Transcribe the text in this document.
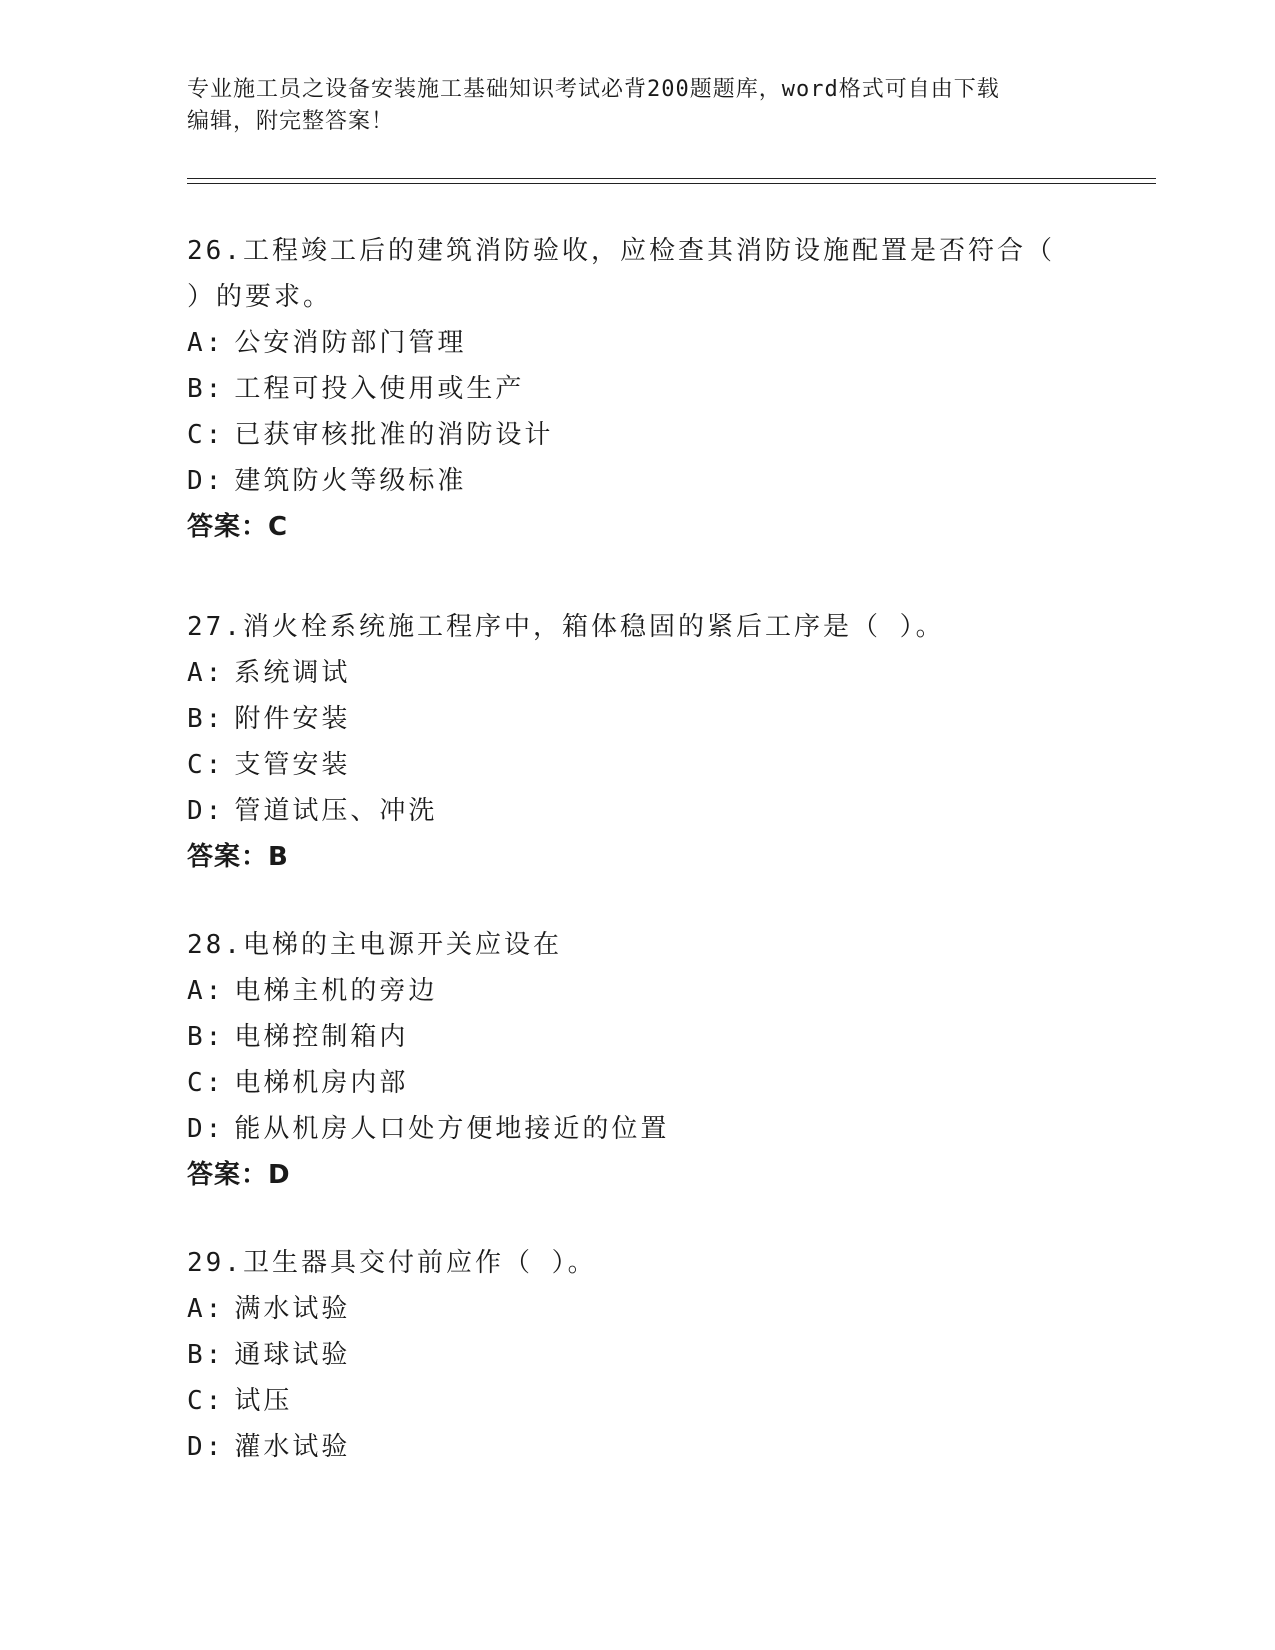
专业施工员之设备安装施工基础知识考试必背200题题库，word格式可自由下载
编辑，附完整答案！
26.工程竣工后的建筑消防验收，应检查其消防设施配置是否符合（
）的要求。
A: 公安消防部门管理
B: 工程可投入使用或生产
C: 已获审核批准的消防设计
D: 建筑防火等级标准
答案：C
27.消火栓系统施工程序中，箱体稳固的紧后工序是（ ）。
A: 系统调试
B: 附件安装
C: 支管安装
D: 管道试压、冲洗
答案：B
28.电梯的主电源开关应设在
A: 电梯主机的旁边
B: 电梯控制箱内
C: 电梯机房内部
D: 能从机房人口处方便地接近的位置
答案：D
29.卫生器具交付前应作（ ）。
A: 满水试验
B: 通球试验
C: 试压
D: 灌水试验
